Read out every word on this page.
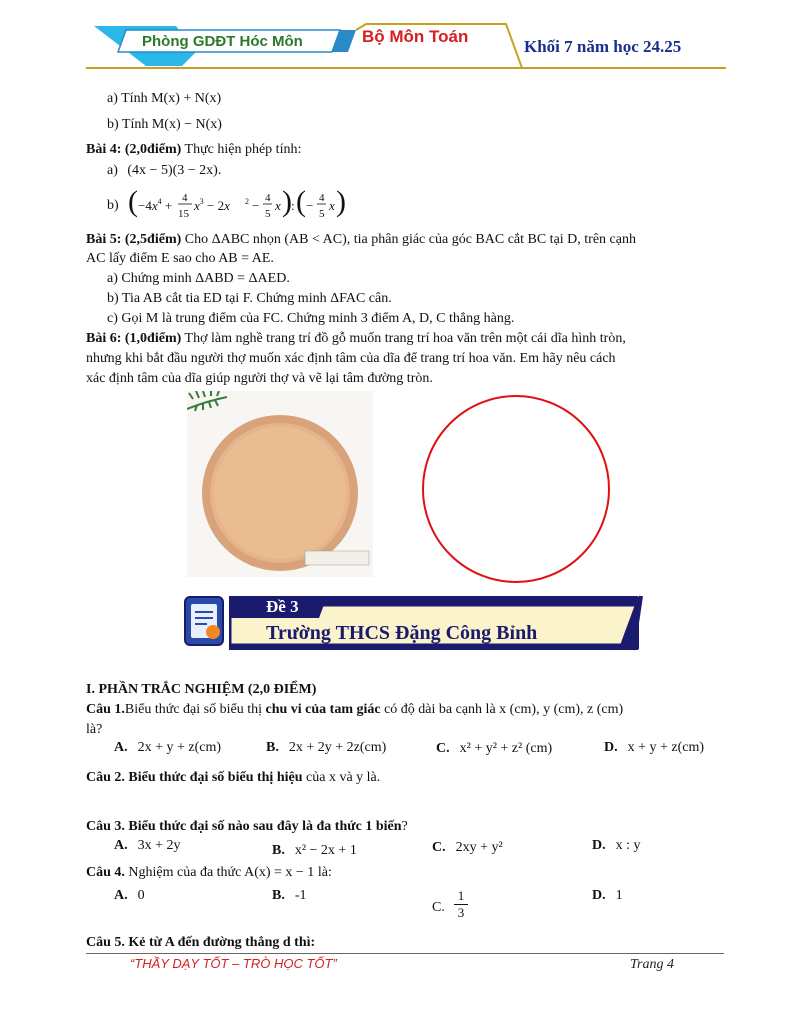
Phòng GDĐT Hóc Môn	Bộ Môn Toán
Khối 7 năm học 24.25
a) Tính M(x) + N(x)
b) Tính M(x) − N(x)
Bài 4: (2,0điểm) Thực hiện phép tính:
a) (4x − 5)(3 − 2x).
b) ( $-4x^4 + 4$
15
$x^3 - 2x$ 2 − 4
5
x ) : ( − 4
5
x )
Bài 5: (2,5điểm) Cho ΔABC nhọn (AB < AC), tia phân giác của góc BAC cắt BC tại D, trên cạnh
AC lấy điểm E sao cho AB = AE.
a) Chứng minh ΔABD = ΔAED.
b) Tia AB cắt tia ED tại F. Chứng minh ΔFAC cân.
c) Gọi M là trung điểm của FC. Chứng minh 3 điểm A, D, C thẳng hàng.
Bài 6: (1,0điểm) Thợ làm nghề trang trí đồ gỗ muốn trang trí hoa văn trên một cái dĩa hình tròn,
nhưng khi bắt đầu người thợ muốn xác định tâm của dĩa để trang trí hoa văn. Em hãy nêu cách
xác định tâm của dĩa giúp người thợ và vẽ lại tâm đường tròn.
Đề 3
Trường THCS Đặng Công Bỉnh
I. PHẦN TRẮC NGHIỆM (2,0 ĐIỂM)
Câu 1.Biểu thức đại số biểu thị chu vi của tam giác có độ dài ba cạnh là x (cm), y (cm), z (cm)
là?
A. 2x + y + z(cm)	B. 2x + 2y + 2z(cm)	C. x² + y² + z² (cm)	D. x + y + z(cm)
Câu 2. Biểu thức đại số biểu thị hiệu của x và y là.
Câu 3. Biểu thức đại số nào sau đây là đa thức 1 biến?
A. 3x + 2y	B. x² − 2x + 1	C. 2xy + y²	D. x : y
Câu 4. Nghiệm của đa thức A(x) = x − 1 là:
A. 0	B. -1
C. $\frac{1}{3}$	D. 1
Câu 5. Kẻ từ A đến đường thẳng d thì:
“THẦY DẠY TỐT – TRÒ HỌC TỐT”	Trang 4
